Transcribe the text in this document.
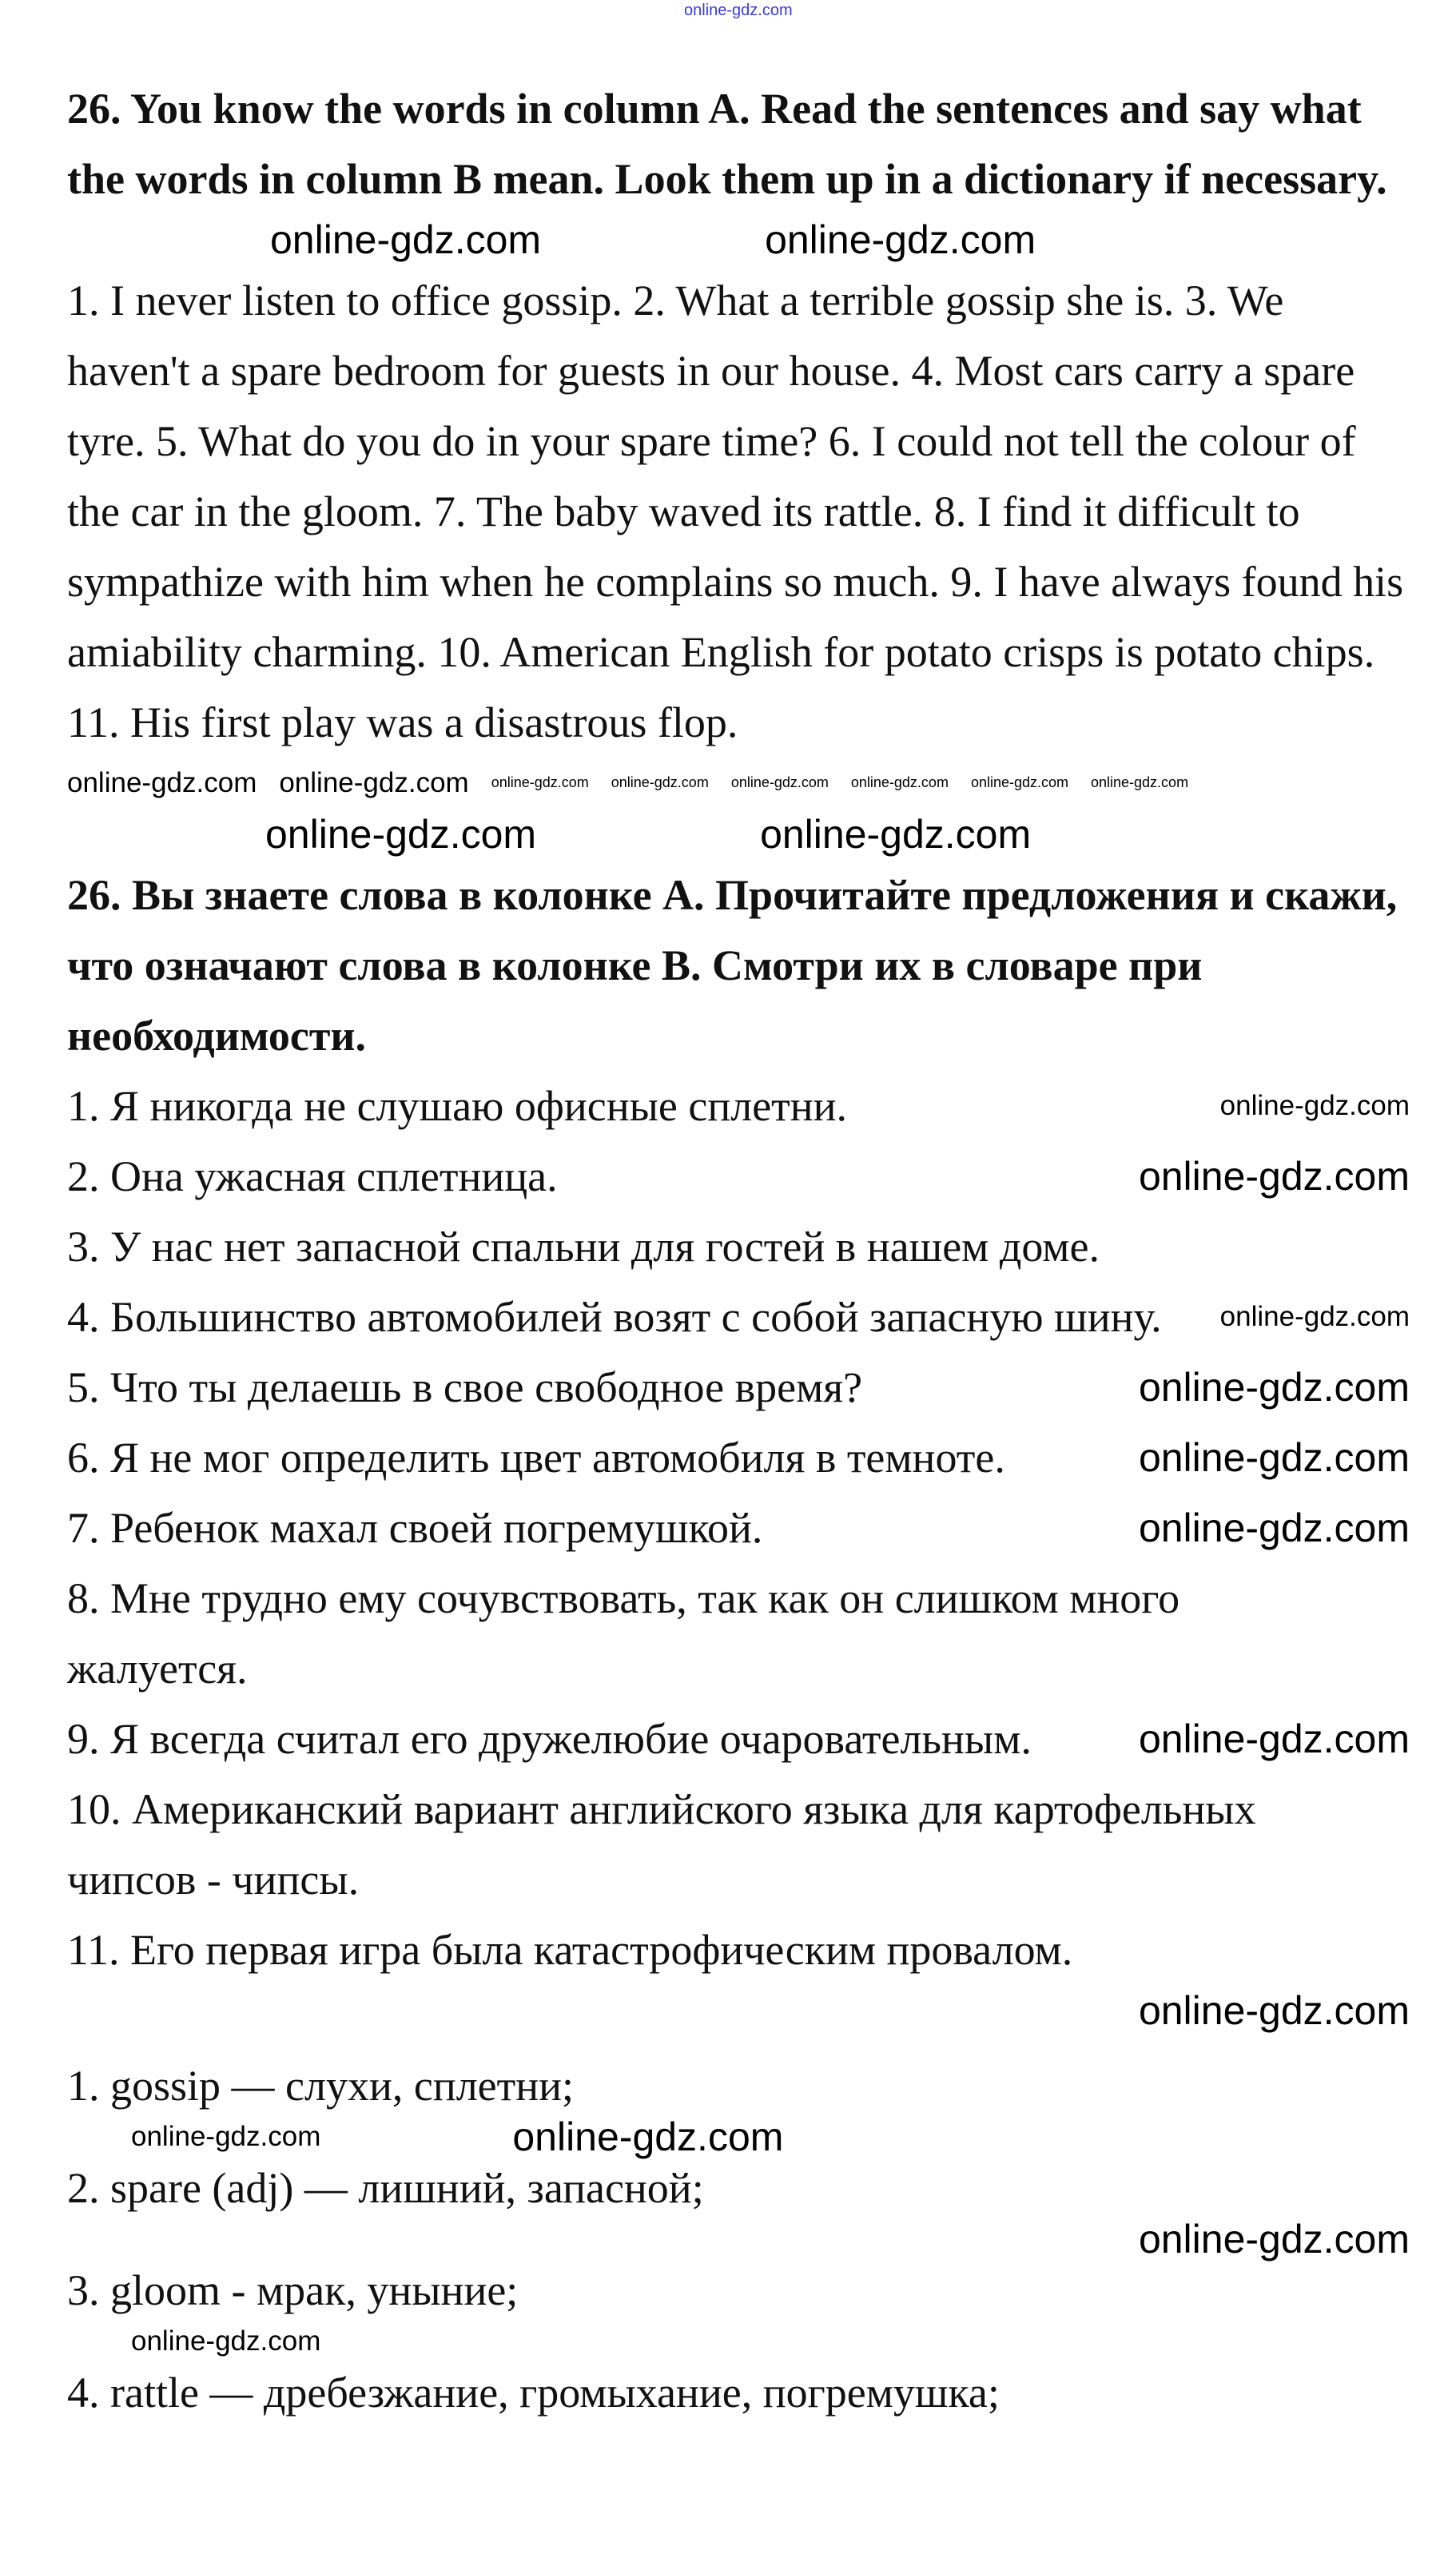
online-gdz.com

26. You know the words in column A. Read the sentences and say what the words in column B mean. Look them up in a dictionary if necessary.

online-gdz.com	online-gdz.com

1. I never listen to office gossip. 2. What a terrible gossip she is. 3. We haven't a spare bedroom for guests in our house. 4. Most cars carry a spare tyre. 5. What do you do in your spare time? 6. I could not tell the colour of the car in the gloom. 7. The baby waved its rattle. 8. I find it difficult to sympathize with him when he complains so much. 9. I have always found his amiability charming. 10. American English for potato crisps is potato chips. 11. His first play was a disastrous flop.

online-gdz.com online-gdz.com online-gdz.com online-gdz.com online-gdz.com online-gdz.com online-gdz.com online-gdz.com
online-gdz.com	online-gdz.com

26. Вы знаете слова в колонке А. Прочитайте предложения и скажи, что означают слова в колонке В. Смотри их в словаре при необходимости.

online-gdz.com
1. Я никогда не слушаю офисные сплетни.
online-gdz.com
2. Она ужасная сплетница.
3. У нас нет запасной спальни для гостей в нашем доме.
online-gdz.com
4. Большинство автомобилей возят с собой запасную шину.
online-gdz.com
5. Что ты делаешь в свое свободное время?
online-gdz.com
6. Я не мог определить цвет автомобиля в темноте.
online-gdz.com
7. Ребенок махал своей погремушкой.
8. Мне трудно ему сочувствовать, так как он слишком много жалуется.
online-gdz.com
9. Я всегда считал его дружелюбие очаровательным.
10. Американский вариант английского языка для картофельных чипсов - чипсы.
11. Его первая игра была катастрофическим провалом.
online-gdz.com

1. gossip — слухи, сплетни;

online-gdz.com	online-gdz.com

2. spare (adj) — лишний, запасной;

online-gdz.com

3. gloom - мрак, уныние;

online-gdz.com

4. rattle — дребезжание, громыхание, погремушка;
